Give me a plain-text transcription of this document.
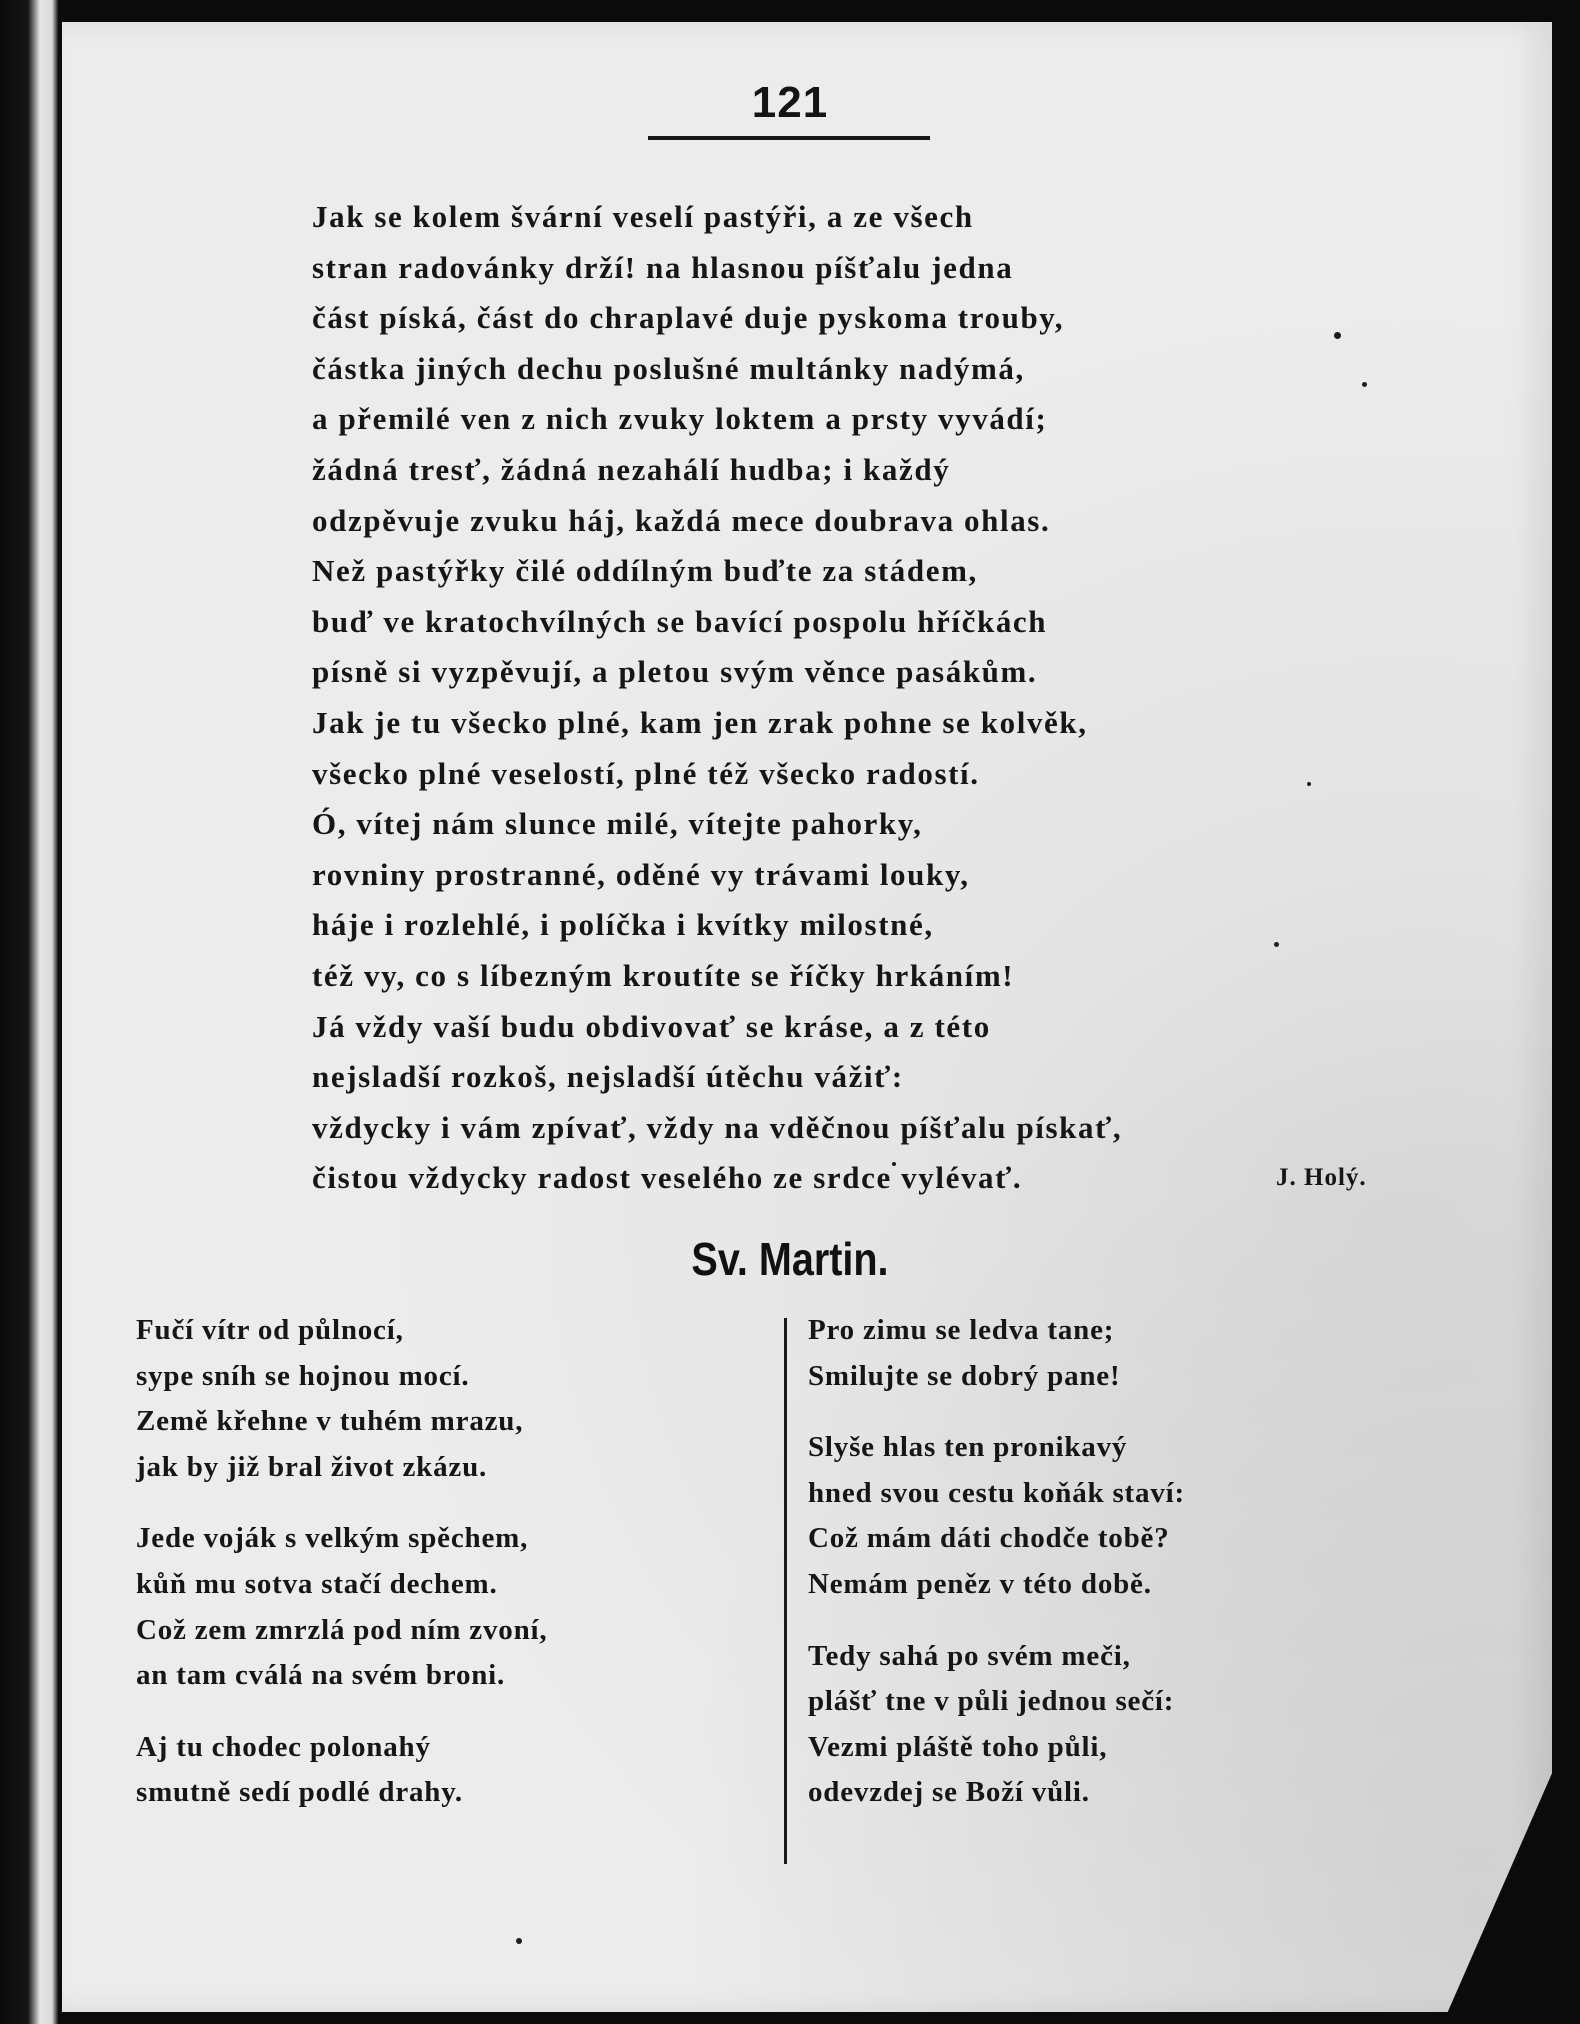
121
Jak se kolem švární veselí pastýři, a ze všech
stran radovánky drží! na hlasnou píšťalu jedna
část píská, část do chraplavé duje pyskoma trouby,
částka jiných dechu poslušné multánky nadýmá,
a přemilé ven z nich zvuky loktem a prsty vyvádí;
žádná tresť, žádná nezahálí hudba; i každý
odzpěvuje zvuku háj, každá mece doubrava ohlas.
Než pastýřky čilé oddílným buďte za stádem,
buď ve kratochvílných se bavící pospolu hříčkách
písně si vyzpěvují, a pletou svým věnce pasákům.
Jak je tu všecko plné, kam jen zrak pohne se kolvěk,
všecko plné veselostí, plné též všecko radostí.
Ó, vítej nám slunce milé, vítejte pahorky,
rovniny prostranné, oděné vy trávami louky,
háje i rozlehlé, i políčka i kvítky milostné,
též vy, co s líbezným kroutíte se říčky hrkáním!
Já vždy vaší budu obdivovať se krásе, a z této
nejsladší rozkoš, nejsladší útěchu vážiť:
vždycky i vám zpívať, vždy na vděčnou píšťalu pískať,
čistou vždycky radost veselého ze srdce vylévať.	J. Holý.
Sv. Martin.
Fučí vítr od půlnocí,
sype sníh se hojnou mocí.
Země křehne v tuhém mrazu,
jak by již bral život zkázu.
Jede voják s velkým spěchem,
kůň mu sotva stačí dechem.
Což zem zmrzlá pod ním zvoní,
an tam cválá na svém broni.
Aj tu chodec polonahý
smutně sedí podlé drahy.
Pro zimu se ledva tane;
Smilujte se dobrý pane!
Slyše hlas ten pronikavý
hned svou cestu koňák staví:
Což mám dáti chodče tobě?
Nemám peněz v této době.
Tedy sahá po svém meči,
plášť tne v půli jednou sečí:
Vezmi pláště toho půli,
odevzdej se Boží vůli.
